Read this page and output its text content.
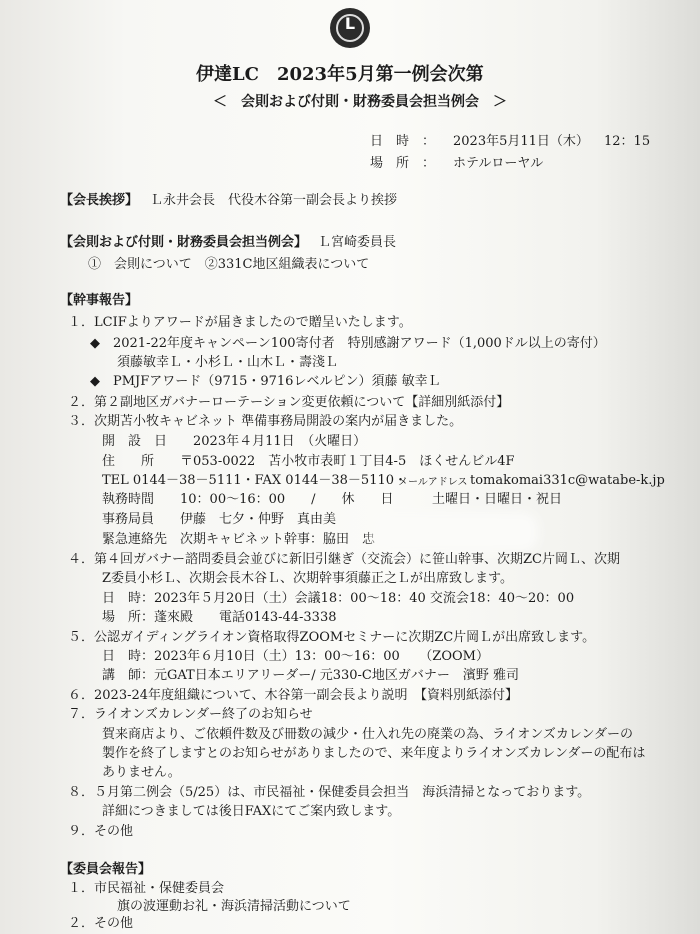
L
伊達LC　2023年5月第一例会次第
＜　会則および付則・財務委員会担当例会　＞
日　時　： 2023年5月11日（木） 12：15
場　所　： ホテルローヤル
【会長挨拶】 Ｌ永井会長　代役木谷第一副会長より挨拶
【会則および付則・財務委員会担当例会】 Ｌ宮崎委員長
①　会則について　②331C地区組織表について
【幹事報告】
１．LCIFよりアワードが届きましたので贈呈いたします。
◆　2021-22年度キャンペーン100寄付者　特別感謝アワード（1,000ドル以上の寄付）
須藤敏幸Ｌ・小杉Ｌ・山木Ｌ・壽淺Ｌ
◆　PMJFアワード（9715・9716レベルピン）須藤 敏幸Ｌ
２．第２副地区ガバナーローテーション変更依頼について【詳細別紙添付】
３．次期苫小牧キャビネット 準備事務局開設の案内が届きました。
開　設　日　　2023年４月11日　（火曜日）
住　　所　　〒053-0022　苫小牧市表町１丁目4-5　ほくせんビル4F
TEL 0144－38－5111・FAX 0144－38－5110・
メールアドレス tomakomai331c@watabe-k.jp
執務時間　　10：00～16：00　　/　　休　　日	土曜日・日曜日・祝日
事務局員　　伊藤　七夕・仲野　真由美
緊急連絡先　次期キャビネット幹事：脇田　忠
４．第４回ガバナー諮問委員会並びに新旧引継ぎ（交流会）に笹山幹事、次期ZC片岡Ｌ、次期
Z委員小杉Ｌ、次期会長木谷Ｌ、次期幹事須藤正之Ｌが出席致します。
日　時：2023年５月20日（土）会議18：00～18：40 交流会18：40～20：00
場　所：蓬來殿　　電話0143-44-3338
５．公認ガイディングライオン資格取得ZOOMセミナーに次期ZC片岡Ｌが出席致します。
日　時：2023年６月10日（土）13：00～16：00　　（ZOOM）
講　師：元GAT日本エリアリーダー/ 元330-C地区ガバナー　濱野 雅司
６．2023-24年度組織について、木谷第一副会長より説明　【資料別紙添付】
７．ライオンズカレンダー終了のお知らせ
賀来商店より、ご依頼件数及び冊数の減少・仕入れ先の廃業の為、ライオンズカレンダーの
製作を終了しますとのお知らせがありましたので、来年度よりライオンズカレンダーの配布は
ありません。
８．５月第二例会（5/25）は、市民福祉・保健委員会担当　海浜清掃となっております。
詳細につきましては後日FAXにてご案内致します。
９．その他
【委員会報告】
１．市民福祉・保健委員会
旗の波運動お礼・海浜清掃活動について
２．その他
